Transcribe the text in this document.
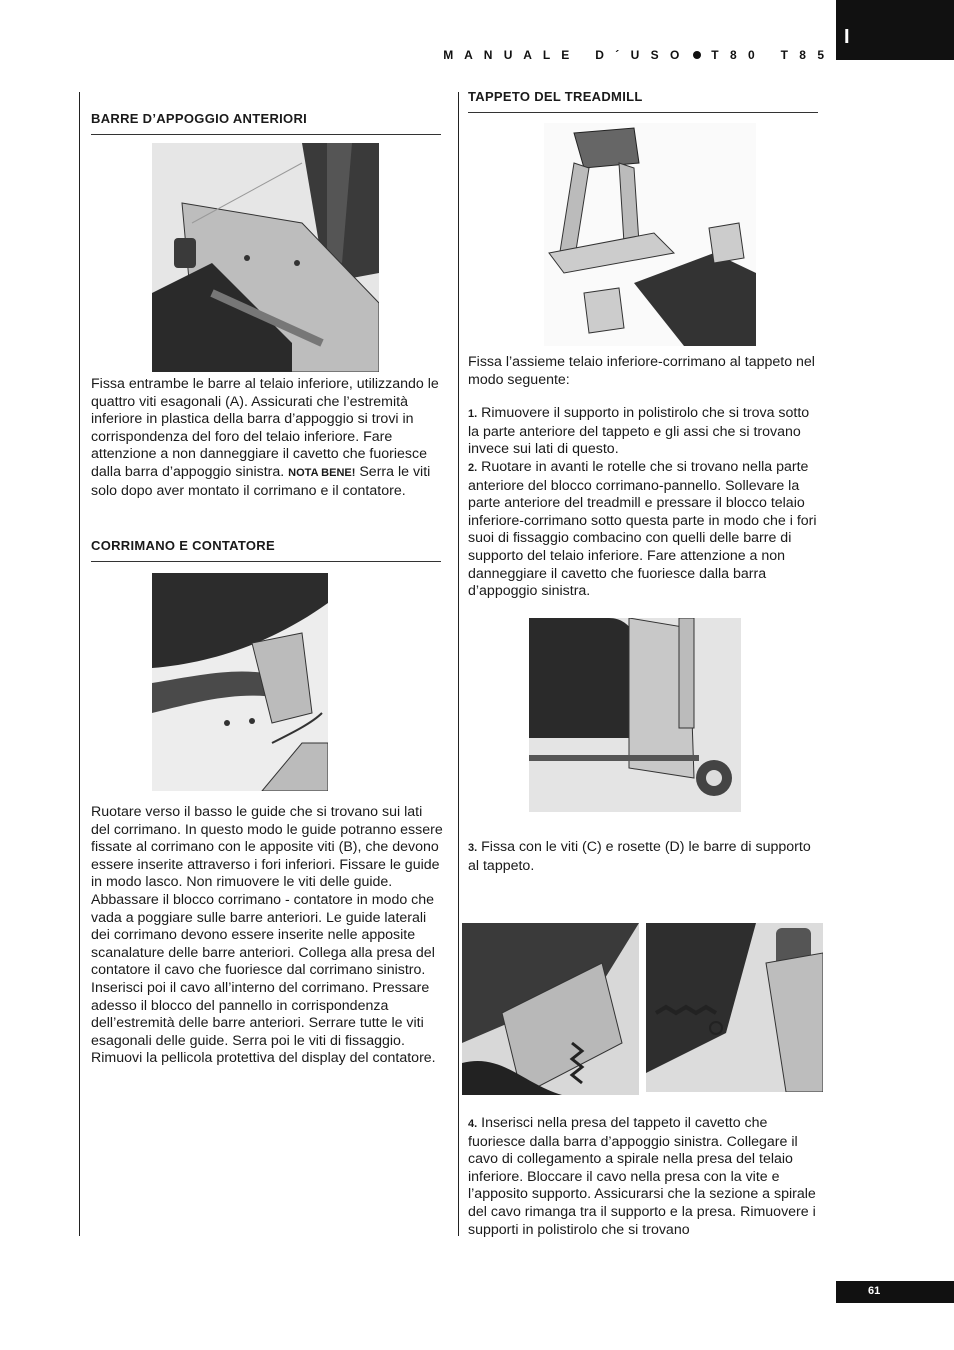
I
M A N U A L E   D ´ U S O T 8 0   T 8 5
BARRE D’APPOGGIO ANTERIORI

Fissa entrambe le barre al telaio inferiore, utilizzando le quattro viti esagonali (A). Assicurati che l’estremità inferiore in plastica della barra d’appoggio si trovi in corrispondenza del foro del telaio inferiore. Fare attenzione a non danneggiare il cavetto che fuoriesce dalla barra d’appoggio sinistra. NOTA BENE! Serra le viti solo dopo aver montato il corrimano e il contatore.

CORRIMANO E CONTATORE

Ruotare verso il basso le guide che si trovano sui lati del corrimano. In questo modo le guide potranno essere fissate al corrimano con le apposite viti (B), che devono essere inserite attraverso i fori inferiori. Fissare le guide in modo lasco. Non rimuovere le viti delle guide. Abbassare il blocco corrimano - contatore in modo che vada a poggiare sulle barre anteriori. Le guide laterali dei corrimano devono essere inserite nelle apposite scanalature delle barre anteriori. Collega alla presa del contatore il cavo che fuoriesce dal corrimano sinistro. Inserisci poi il cavo all’interno del corrimano. Pressare adesso il blocco del pannello in corrispondenza dell’estremità delle barre anteriori. Serrare tutte le viti esagonali delle guide. Serra poi le viti di fissaggio. Rimuovi la pellicola protettiva del display del contatore.

TAPPETO DEL TREADMILL

Fissa l’assieme telaio inferiore-corrimano al tappeto nel modo seguente:

1. Rimuovere il supporto in polistirolo che si trova sotto la parte anteriore del tappeto e gli assi che si trovano invece sui lati di questo.

2. Ruotare in avanti le rotelle che si trovano nella parte anteriore del blocco corrimano-pannello. Sollevare la parte anteriore del treadmill e pressare il blocco telaio inferiore-corrimano sotto questa parte in modo che i fori suoi di fissaggio combacino con quelli delle barre di supporto del telaio inferiore. Fare attenzione a non danneggiare il cavetto che fuoriesce dalla barra d’appoggio sinistra.

3. Fissa con le viti (C) e rosette (D) le barre di supporto al tappeto.

4. Inserisci nella presa del tappeto il cavetto che fuoriesce dalla barra d’appoggio sinistra. Collegare il cavo di collegamento a spirale nella presa del telaio inferiore. Bloccare il cavo nella presa con la vite e l’apposito supporto. Assicurarsi che la sezione a spirale del cavo rimanga tra il supporto e la presa. Rimuovere i supporti in polistirolo che si trovano

61
